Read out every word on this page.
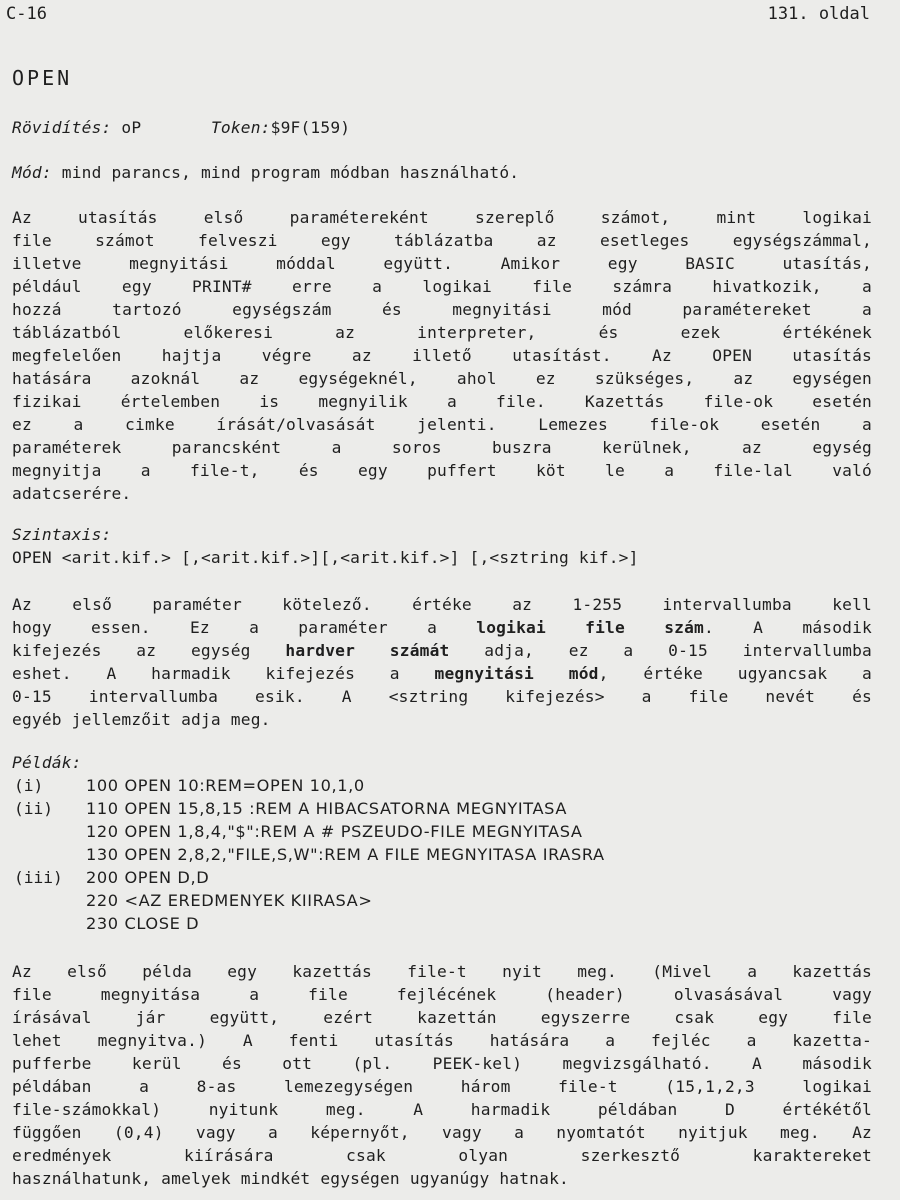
C-16	131. oldal
OPEN
Rövidítés: oP	Token:$9F(159)
Mód: mind parancs, mind program módban használható.
Az utasítás első paramétereként szereplő számot, mint logikai
file számot felveszi egy táblázatba az esetleges egységszámmal,
illetve megnyitási móddal együtt. Amikor egy BASIC utasítás,
például egy PRINT# erre a logikai file számra hivatkozik, a
hozzá tartozó egységszám és megnyitási mód paramétereket a
táblázatból előkeresi az interpreter, és ezek értékének
megfelelően hajtja végre az illető utasítást. Az OPEN utasítás
hatására azoknál az egységeknél, ahol ez szükséges, az egységen
fizikai értelemben is megnyilik a file. Kazettás file-ok esetén
ez a cimke írását/olvasását jelenti. Lemezes file-ok esetén a
paraméterek parancsként a soros buszra kerülnek, az egység
megnyitja a file-t, és egy puffert köt le a file-lal való
adatcserére.
Szintaxis:
OPEN <arit.kif.> [,<arit.kif.>][,<arit.kif.>] [,<sztring kif.>]
Az első paraméter kötelező. értéke az 1-255 intervallumba kell
hogy essen. Ez a paraméter a logikai file szám. A második
kifejezés az egység hardver számát adja, ez a 0-15 intervallumba
eshet. A harmadik kifejezés a megnyitási mód, értéke ugyancsak a
0-15 intervallumba esik. A <sztring kifejezés> a file nevét és
egyéb jellemzőit adja meg.
Példák:
(i)	100 OPEN 10:REM=OPEN 10,1,0
(ii) 110 OPEN 15,8,15 :REM A HIBACSATORNA MEGNYITASA
120 OPEN 1,8,4,"$":REM A # PSZEUDO-FILE MEGNYITASA
130 OPEN 2,8,2,"FILE,S,W":REM A FILE MEGNYITASA IRASRA
(iii) 200 OPEN D,D
220 <AZ EREDMENYEK KIIRASA>
230 CLOSE D
Az első példa egy kazettás file-t nyit meg. (Mivel a kazettás
file megnyitása a file fejlécének (header) olvasásával vagy
írásával jár együtt, ezért kazettán egyszerre csak egy file
lehet megnyitva.) A fenti utasítás hatására a fejléc a kazetta-
pufferbe kerül és ott (pl. PEEK-kel) megvizsgálható. A második
példában a 8-as lemezegységen három file-t (15,1,2,3 logikai
file-számokkal) nyitunk meg. A harmadik példában D értékétől
függően (0,4) vagy a képernyőt, vagy a nyomtatót nyitjuk meg. Az
eredmények kiírására csak olyan szerkesztő karaktereket
használhatunk, amelyek mindkét egységen ugyanúgy hatnak.
